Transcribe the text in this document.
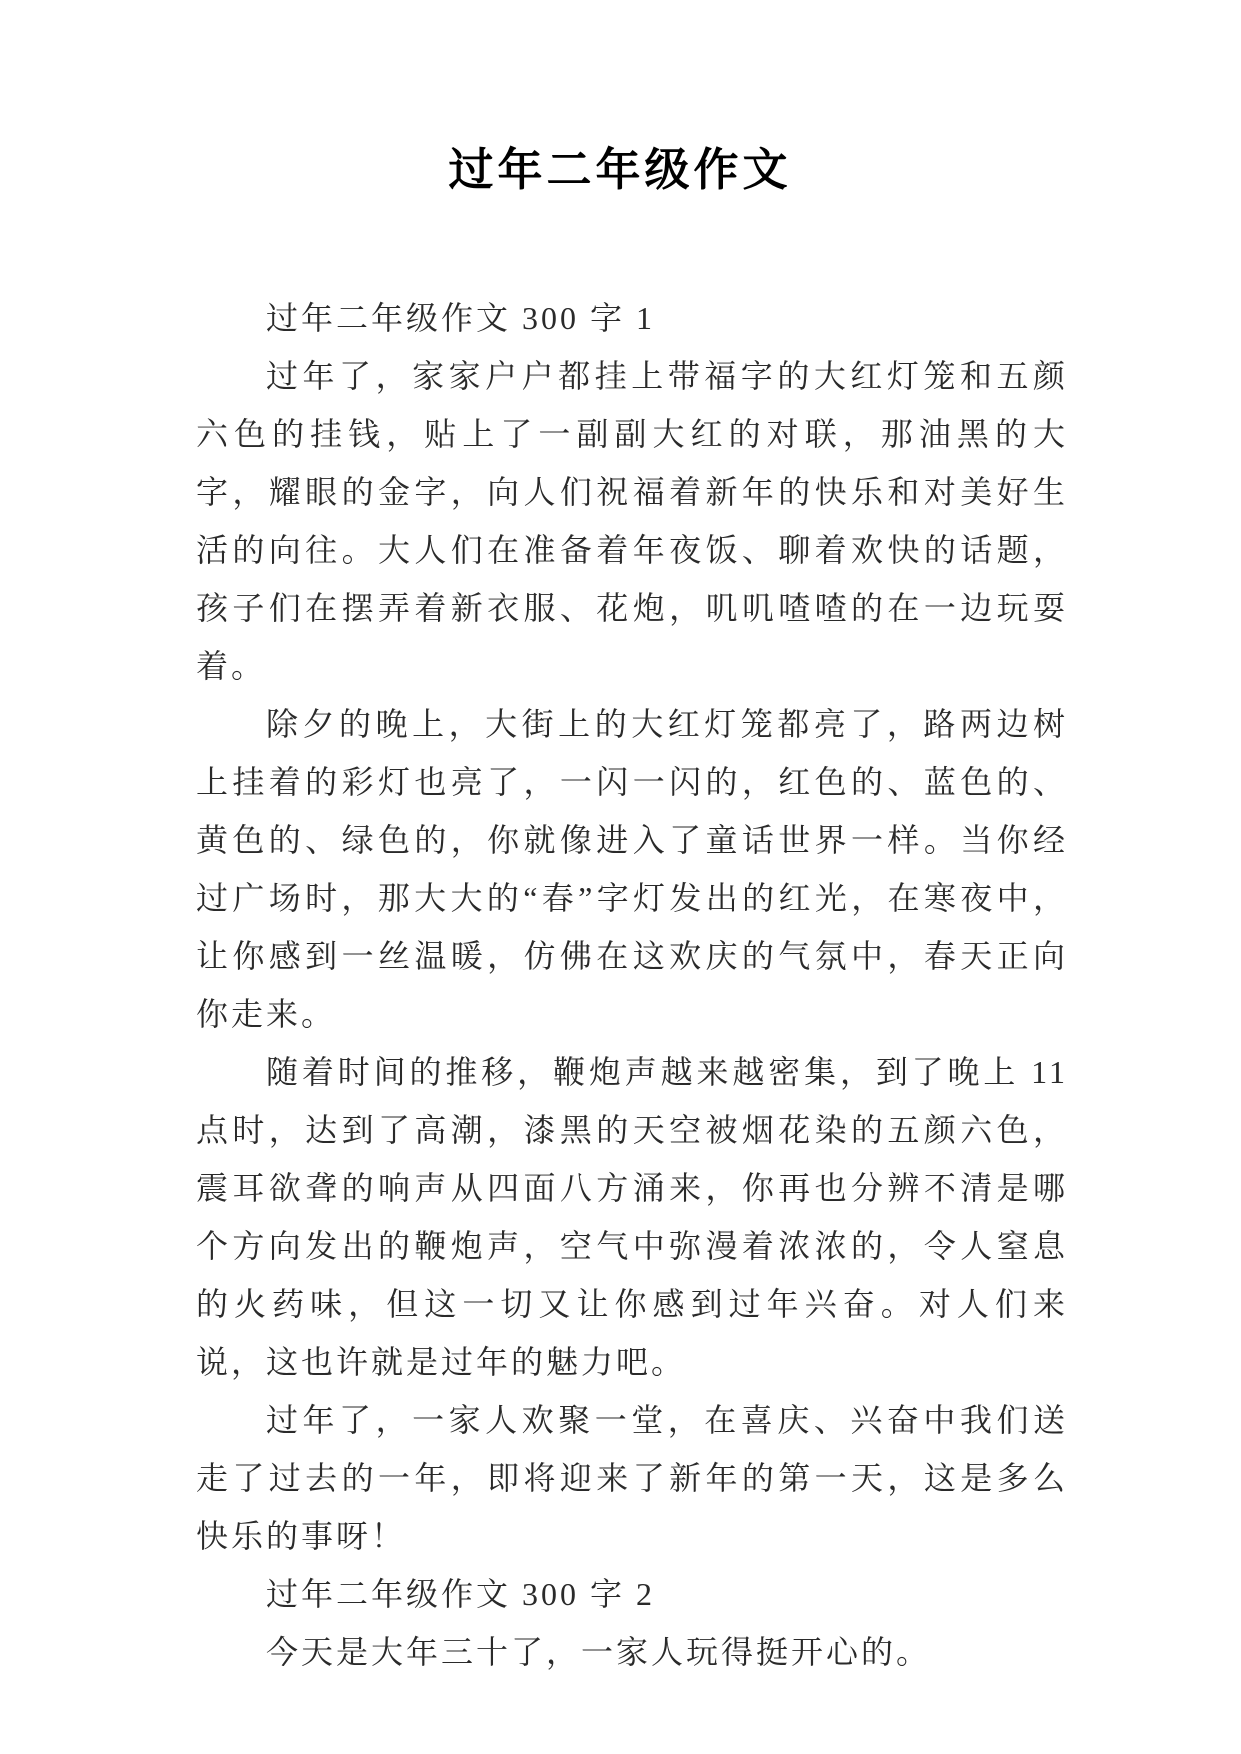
过年二年级作文

过年二年级作文 300 字 1

过年了，家家户户都挂上带福字的大红灯笼和五颜六色的挂钱，贴上了一副副大红的对联，那油黑的大字，耀眼的金字，向人们祝福着新年的快乐和对美好生活的向往。大人们在准备着年夜饭、聊着欢快的话题，孩子们在摆弄着新衣服、花炮，叽叽喳喳的在一边玩耍着。

除夕的晚上，大街上的大红灯笼都亮了，路两边树上挂着的彩灯也亮了，一闪一闪的，红色的、蓝色的、黄色的、绿色的，你就像进入了童话世界一样。当你经过广场时，那大大的“春”字灯发出的红光，在寒夜中，让你感到一丝温暖，仿佛在这欢庆的气氛中，春天正向你走来。

随着时间的推移，鞭炮声越来越密集，到了晚上 11 点时，达到了高潮，漆黑的天空被烟花染的五颜六色，震耳欲聋的响声从四面八方涌来，你再也分辨不清是哪个方向发出的鞭炮声，空气中弥漫着浓浓的，令人窒息的火药味，但这一切又让你感到过年兴奋。对人们来说，这也许就是过年的魅力吧。

过年了，一家人欢聚一堂，在喜庆、兴奋中我们送走了过去的一年，即将迎来了新年的第一天，这是多么快乐的事呀！

过年二年级作文 300 字 2

今天是大年三十了，一家人玩得挺开心的。
